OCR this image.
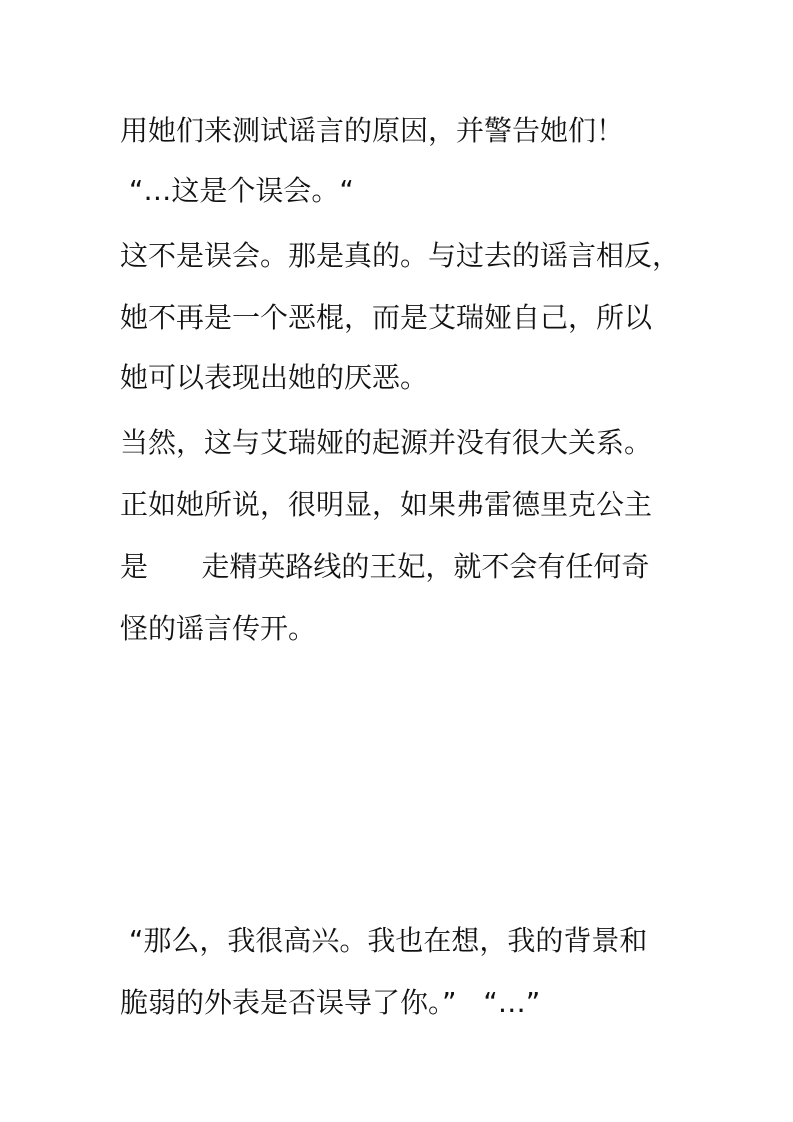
用她们来测试谣言的原因，并警告她们！

“…这是个误会。“

这不是误会。那是真的。与过去的谣言相反，

她不再是一个恶棍，而是艾瑞娅自己，所以

她可以表现出她的厌恶。

当然，这与艾瑞娅的起源并没有很大关系。

正如她所说，很明显，如果弗雷德里克公主

是      走精英路线的王妃，就不会有任何奇

怪的谣言传开。

“那么，我很高兴。我也在想，我的背景和

脆弱的外表是否误导了你。”   “…”
